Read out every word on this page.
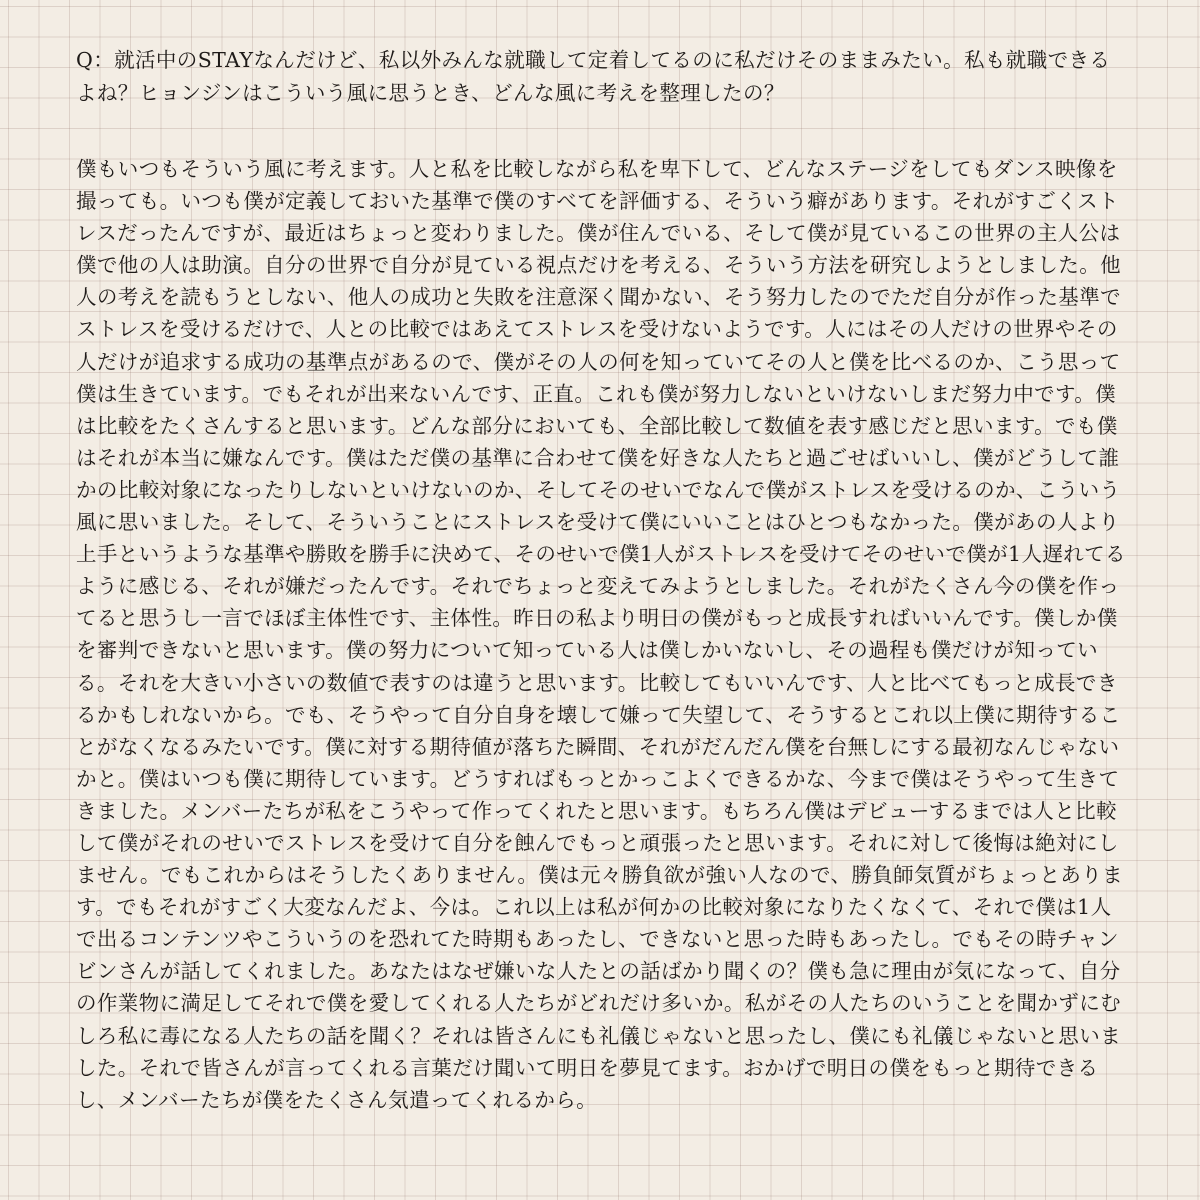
Q：就活中のSTAYなんだけど、私以外みんな就職して定着してるのに私だけそのままみたい。私も就職できるよね？ヒョンジンはこういう風に思うとき、どんな風に考えを整理したの？

僕もいつもそういう風に考えます。人と私を比較しながら私を卑下して、どんなステージをしてもダンス映像を撮っても。いつも僕が定義しておいた基準で僕のすべてを評価する、そういう癖があります。それがすごくストレスだったんですが、最近はちょっと変わりました。僕が住んでいる、そして僕が見ているこの世界の主人公は僕で他の人は助演。自分の世界で自分が見ている視点だけを考える、そういう方法を研究しようとしました。他人の考えを読もうとしない、他人の成功と失敗を注意深く聞かない、そう努力したのでただ自分が作った基準でストレスを受けるだけで、人との比較ではあえてストレスを受けないようです。人にはその人だけの世界やその人だけが追求する成功の基準点があるので、僕がその人の何を知っていてその人と僕を比べるのか、こう思って僕は生きています。でもそれが出来ないんです、正直。これも僕が努力しないといけないしまだ努力中です。僕は比較をたくさんすると思います。どんな部分においても、全部比較して数値を表す感じだと思います。でも僕はそれが本当に嫌なんです。僕はただ僕の基準に合わせて僕を好きな人たちと過ごせばいいし、僕がどうして誰かの比較対象になったりしないといけないのか、そしてそのせいでなんで僕がストレスを受けるのか、こういう風に思いました。そして、そういうことにストレスを受けて僕にいいことはひとつもなかった。僕があの人より上手というような基準や勝敗を勝手に決めて、そのせいで僕1人がストレスを受けてそのせいで僕が1人遅れてるように感じる、それが嫌だったんです。それでちょっと変えてみようとしました。それがたくさん今の僕を作ってると思うし一言でほぼ主体性です、主体性。昨日の私より明日の僕がもっと成長すればいいんです。僕しか僕を審判できないと思います。僕の努力について知っている人は僕しかいないし、その過程も僕だけが知っている。それを大きい小さいの数値で表すのは違うと思います。比較してもいいんです、人と比べてもっと成長できるかもしれないから。でも、そうやって自分自身を壊して嫌って失望して、そうするとこれ以上僕に期待することがなくなるみたいです。僕に対する期待値が落ちた瞬間、それがだんだん僕を台無しにする最初なんじゃないかと。僕はいつも僕に期待しています。どうすればもっとかっこよくできるかな、今まで僕はそうやって生きてきました。メンバーたちが私をこうやって作ってくれたと思います。もちろん僕はデビューするまでは人と比較して僕がそれのせいでストレスを受けて自分を蝕んでもっと頑張ったと思います。それに対して後悔は絶対にしません。でもこれからはそうしたくありません。僕は元々勝負欲が強い人なので、勝負師気質がちょっとあります。でもそれがすごく大変なんだよ、今は。これ以上は私が何かの比較対象になりたくなくて、それで僕は1人で出るコンテンツやこういうのを恐れてた時期もあったし、できないと思った時もあったし。でもその時チャンビンさんが話してくれました。あなたはなぜ嫌いな人たとの話ばかり聞くの？僕も急に理由が気になって、自分の作業物に満足してそれで僕を愛してくれる人たちがどれだけ多いか。私がその人たちのいうことを聞かずにむしろ私に毒になる人たちの話を聞く？それは皆さんにも礼儀じゃないと思ったし、僕にも礼儀じゃないと思いました。それで皆さんが言ってくれる言葉だけ聞いて明日を夢見てます。おかげで明日の僕をもっと期待できるし、メンバーたちが僕をたくさん気遣ってくれるから。
